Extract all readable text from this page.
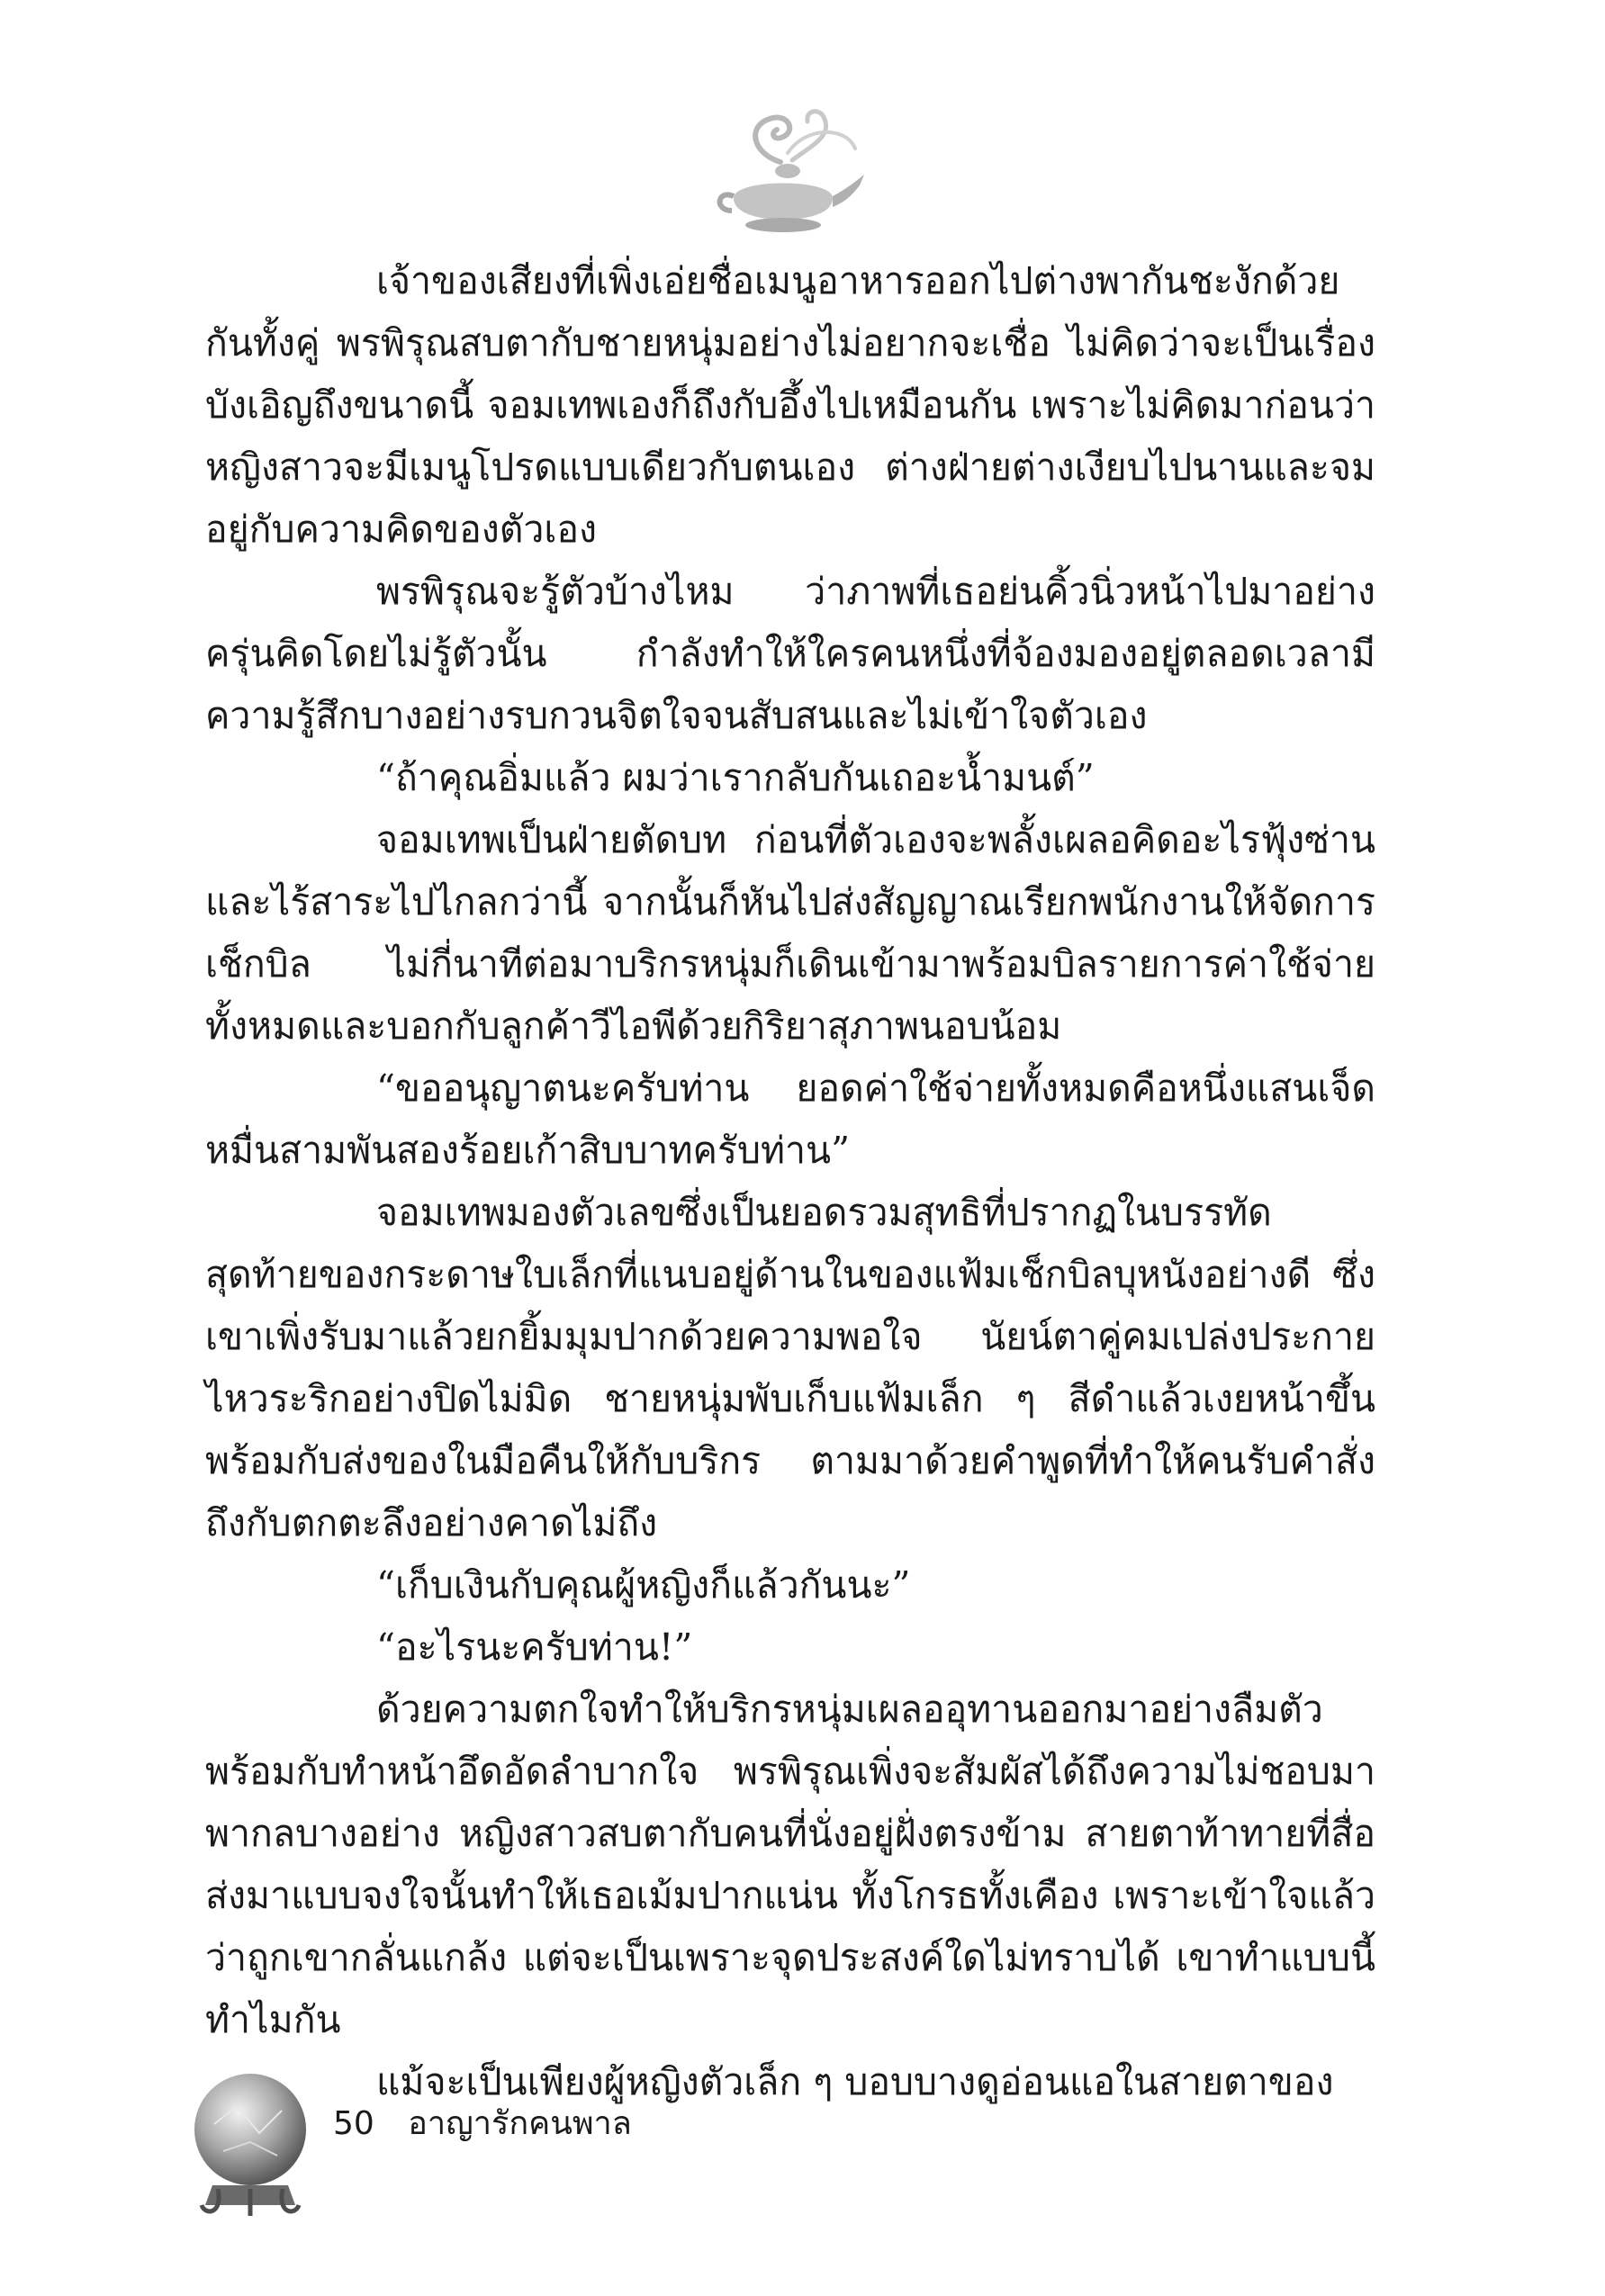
เจ้าของเสียงที่เพิ่งเอ่ยชื่อเมนูอาหารออกไปต่างพากันชะงักด้วยกันทั้งคู่ พรพิรุณสบตากับชายหนุ่มอย่างไม่อยากจะเชื่อ ไม่คิดว่าจะเป็นเรื่องบังเอิญถึงขนาดนี้ จอมเทพเองก็ถึงกับอึ้งไปเหมือนกัน เพราะไม่คิดมาก่อนว่าหญิงสาวจะมีเมนูโปรดแบบเดียวกับตนเอง ต่างฝ่ายต่างเงียบไปนานและจมอยู่กับความคิดของตัวเอง

พรพิรุณจะรู้ตัวบ้างไหม ว่าภาพที่เธอย่นคิ้วนิ่วหน้าไปมาอย่างครุ่นคิดโดยไม่รู้ตัวนั้น กำลังทำให้ใครคนหนึ่งที่จ้องมองอยู่ตลอดเวลามีความรู้สึกบางอย่างรบกวนจิตใจจนสับสนและไม่เข้าใจตัวเอง

“ถ้าคุณอิ่มแล้ว ผมว่าเรากลับกันเถอะน้ำมนต์”

จอมเทพเป็นฝ่ายตัดบท ก่อนที่ตัวเองจะพลั้งเผลอคิดอะไรฟุ้งซ่านและไร้สาระไปไกลกว่านี้ จากนั้นก็หันไปส่งสัญญาณเรียกพนักงานให้จัดการเช็กบิล ไม่กี่นาทีต่อมาบริกรหนุ่มก็เดินเข้ามาพร้อมบิลรายการค่าใช้จ่ายทั้งหมดและบอกกับลูกค้าวีไอพีด้วยกิริยาสุภาพนอบน้อม

“ขออนุญาตนะครับท่าน ยอดค่าใช้จ่ายทั้งหมดคือหนึ่งแสนเจ็ดหมื่นสามพันสองร้อยเก้าสิบบาทครับท่าน”

จอมเทพมองตัวเลขซึ่งเป็นยอดรวมสุทธิที่ปรากฏในบรรทัดสุดท้ายของกระดาษใบเล็กที่แนบอยู่ด้านในของแฟ้มเช็กบิลบุหนังอย่างดี ซึ่งเขาเพิ่งรับมาแล้วยกยิ้มมุมปากด้วยความพอใจ นัยน์ตาคู่คมเปล่งประกายไหวระริกอย่างปิดไม่มิด ชายหนุ่มพับเก็บแฟ้มเล็ก ๆ สีดำแล้วเงยหน้าขึ้นพร้อมกับส่งของในมือคืนให้กับบริกร ตามมาด้วยคำพูดที่ทำให้คนรับคำสั่งถึงกับตกตะลึงอย่างคาดไม่ถึง

“เก็บเงินกับคุณผู้หญิงก็แล้วกันนะ”

“อะไรนะครับท่าน!”

ด้วยความตกใจทำให้บริกรหนุ่มเผลออุทานออกมาอย่างลืมตัวพร้อมกับทำหน้าอึดอัดลำบากใจ พรพิรุณเพิ่งจะสัมผัสได้ถึงความไม่ชอบมาพากลบางอย่าง หญิงสาวสบตากับคนที่นั่งอยู่ฝั่งตรงข้าม สายตาท้าทายที่สื่อส่งมาแบบจงใจนั้นทำให้เธอเม้มปากแน่น ทั้งโกรธทั้งเคือง เพราะเข้าใจแล้วว่าถูกเขากลั่นแกล้ง แต่จะเป็นเพราะจุดประสงค์ใดไม่ทราบได้ เขาทำแบบนี้ทำไมกัน

แม้จะเป็นเพียงผู้หญิงตัวเล็ก ๆ บอบบางดูอ่อนแอในสายตาของ

50 อาญารักคนพาล
